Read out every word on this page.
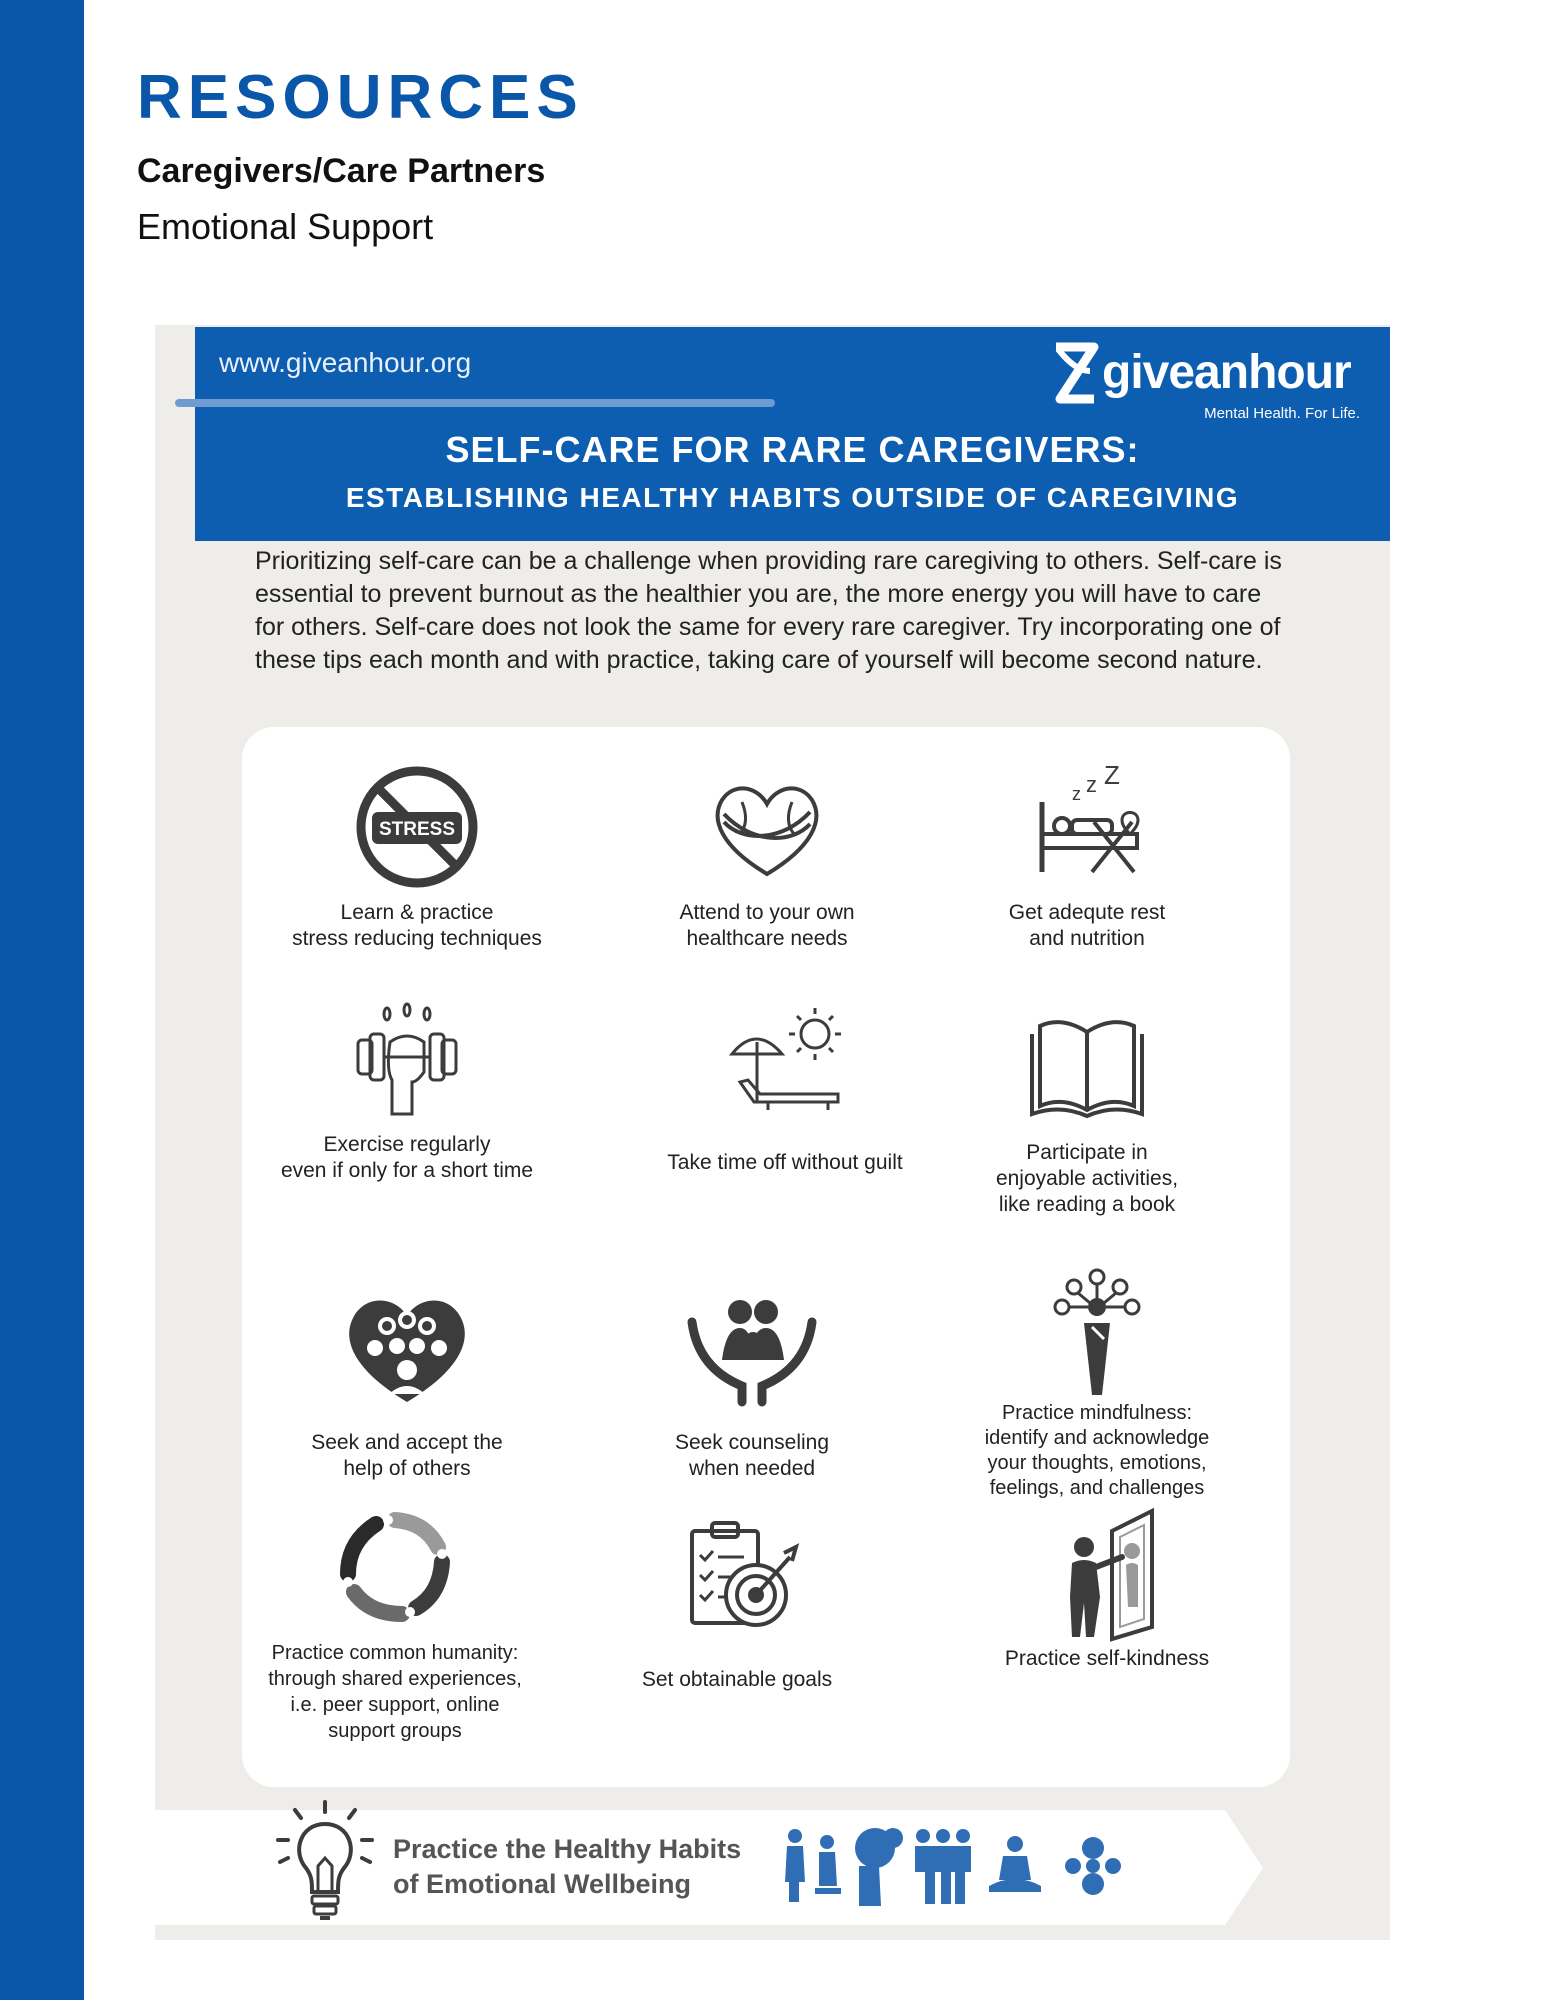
RESOURCES
Caregivers/Care Partners
Emotional Support
www.giveanhour.org	giveanhour
Mental Health. For Life.
SELF-CARE FOR RARE CAREGIVERS:
ESTABLISHING HEALTHY HABITS OUTSIDE OF CAREGIVING
Prioritizing self-care can be a challenge when providing rare caregiving to others. Self-care is essential to prevent burnout as the healthier you are, the more energy you will have to care for others. Self-care does not look the same for every rare caregiver. Try incorporating one of these tips each month and with practice, taking care of yourself will become second nature.
STRESS
Learn & practice
stress reducing techniques
Attend to your own
healthcare needs
z z Z
Get adequte rest
and nutrition
Exercise regularly
even if only for a short time	Take time off without guilt	Participate in
enjoyable activities,
like reading a book
Seek and accept the
help of others
Seek counseling
when needed
Practice mindfulness:
identify and acknowledge
your thoughts, emotions,
feelings, and challenges
Practice common humanity:
through shared experiences,
i.e. peer support, online
support groups
Set obtainable goals
Practice self-kindness
Practice the Healthy Habits
of Emotional Wellbeing
